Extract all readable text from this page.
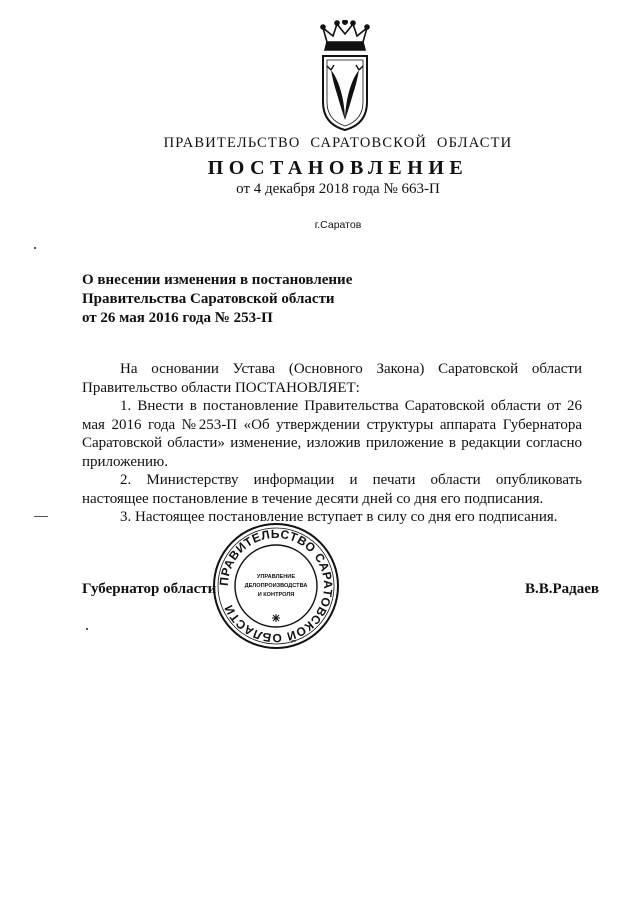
ПРАВИТЕЛЬСТВО САРАТОВСКОЙ ОБЛАСТИ
ПОСТАНОВЛЕНИЕ
от 4 декабря 2018 года № 663-П
г.Саратов
О внесении изменения в постановление
Правительства Саратовской области
от 26 мая 2016 года № 253-П

На основании Устава (Основного Закона) Саратовской области Правительство области ПОСТАНОВЛЯЕТ:

1. Внести в постановление Правительства Саратовской области от 26 мая 2016 года №253-П «Об утверждении структуры аппарата Губернатора Саратовской области» изменение, изложив приложение в редакции согласно приложению.

2. Министерству информации и печати области опубликовать настоящее постановление в течение десяти дней со дня его подписания.

3. Настоящее постановление вступает в силу со дня его подписания.

Губернатор области	В.В.Радаев
ПРАВИТЕЛЬСТВО САРАТОВСКОЙ ОБЛАСТИ
УПРАВЛЕНИЕ
ДЕЛОПРОИЗВОДСТВА
И КОНТРОЛЯ
